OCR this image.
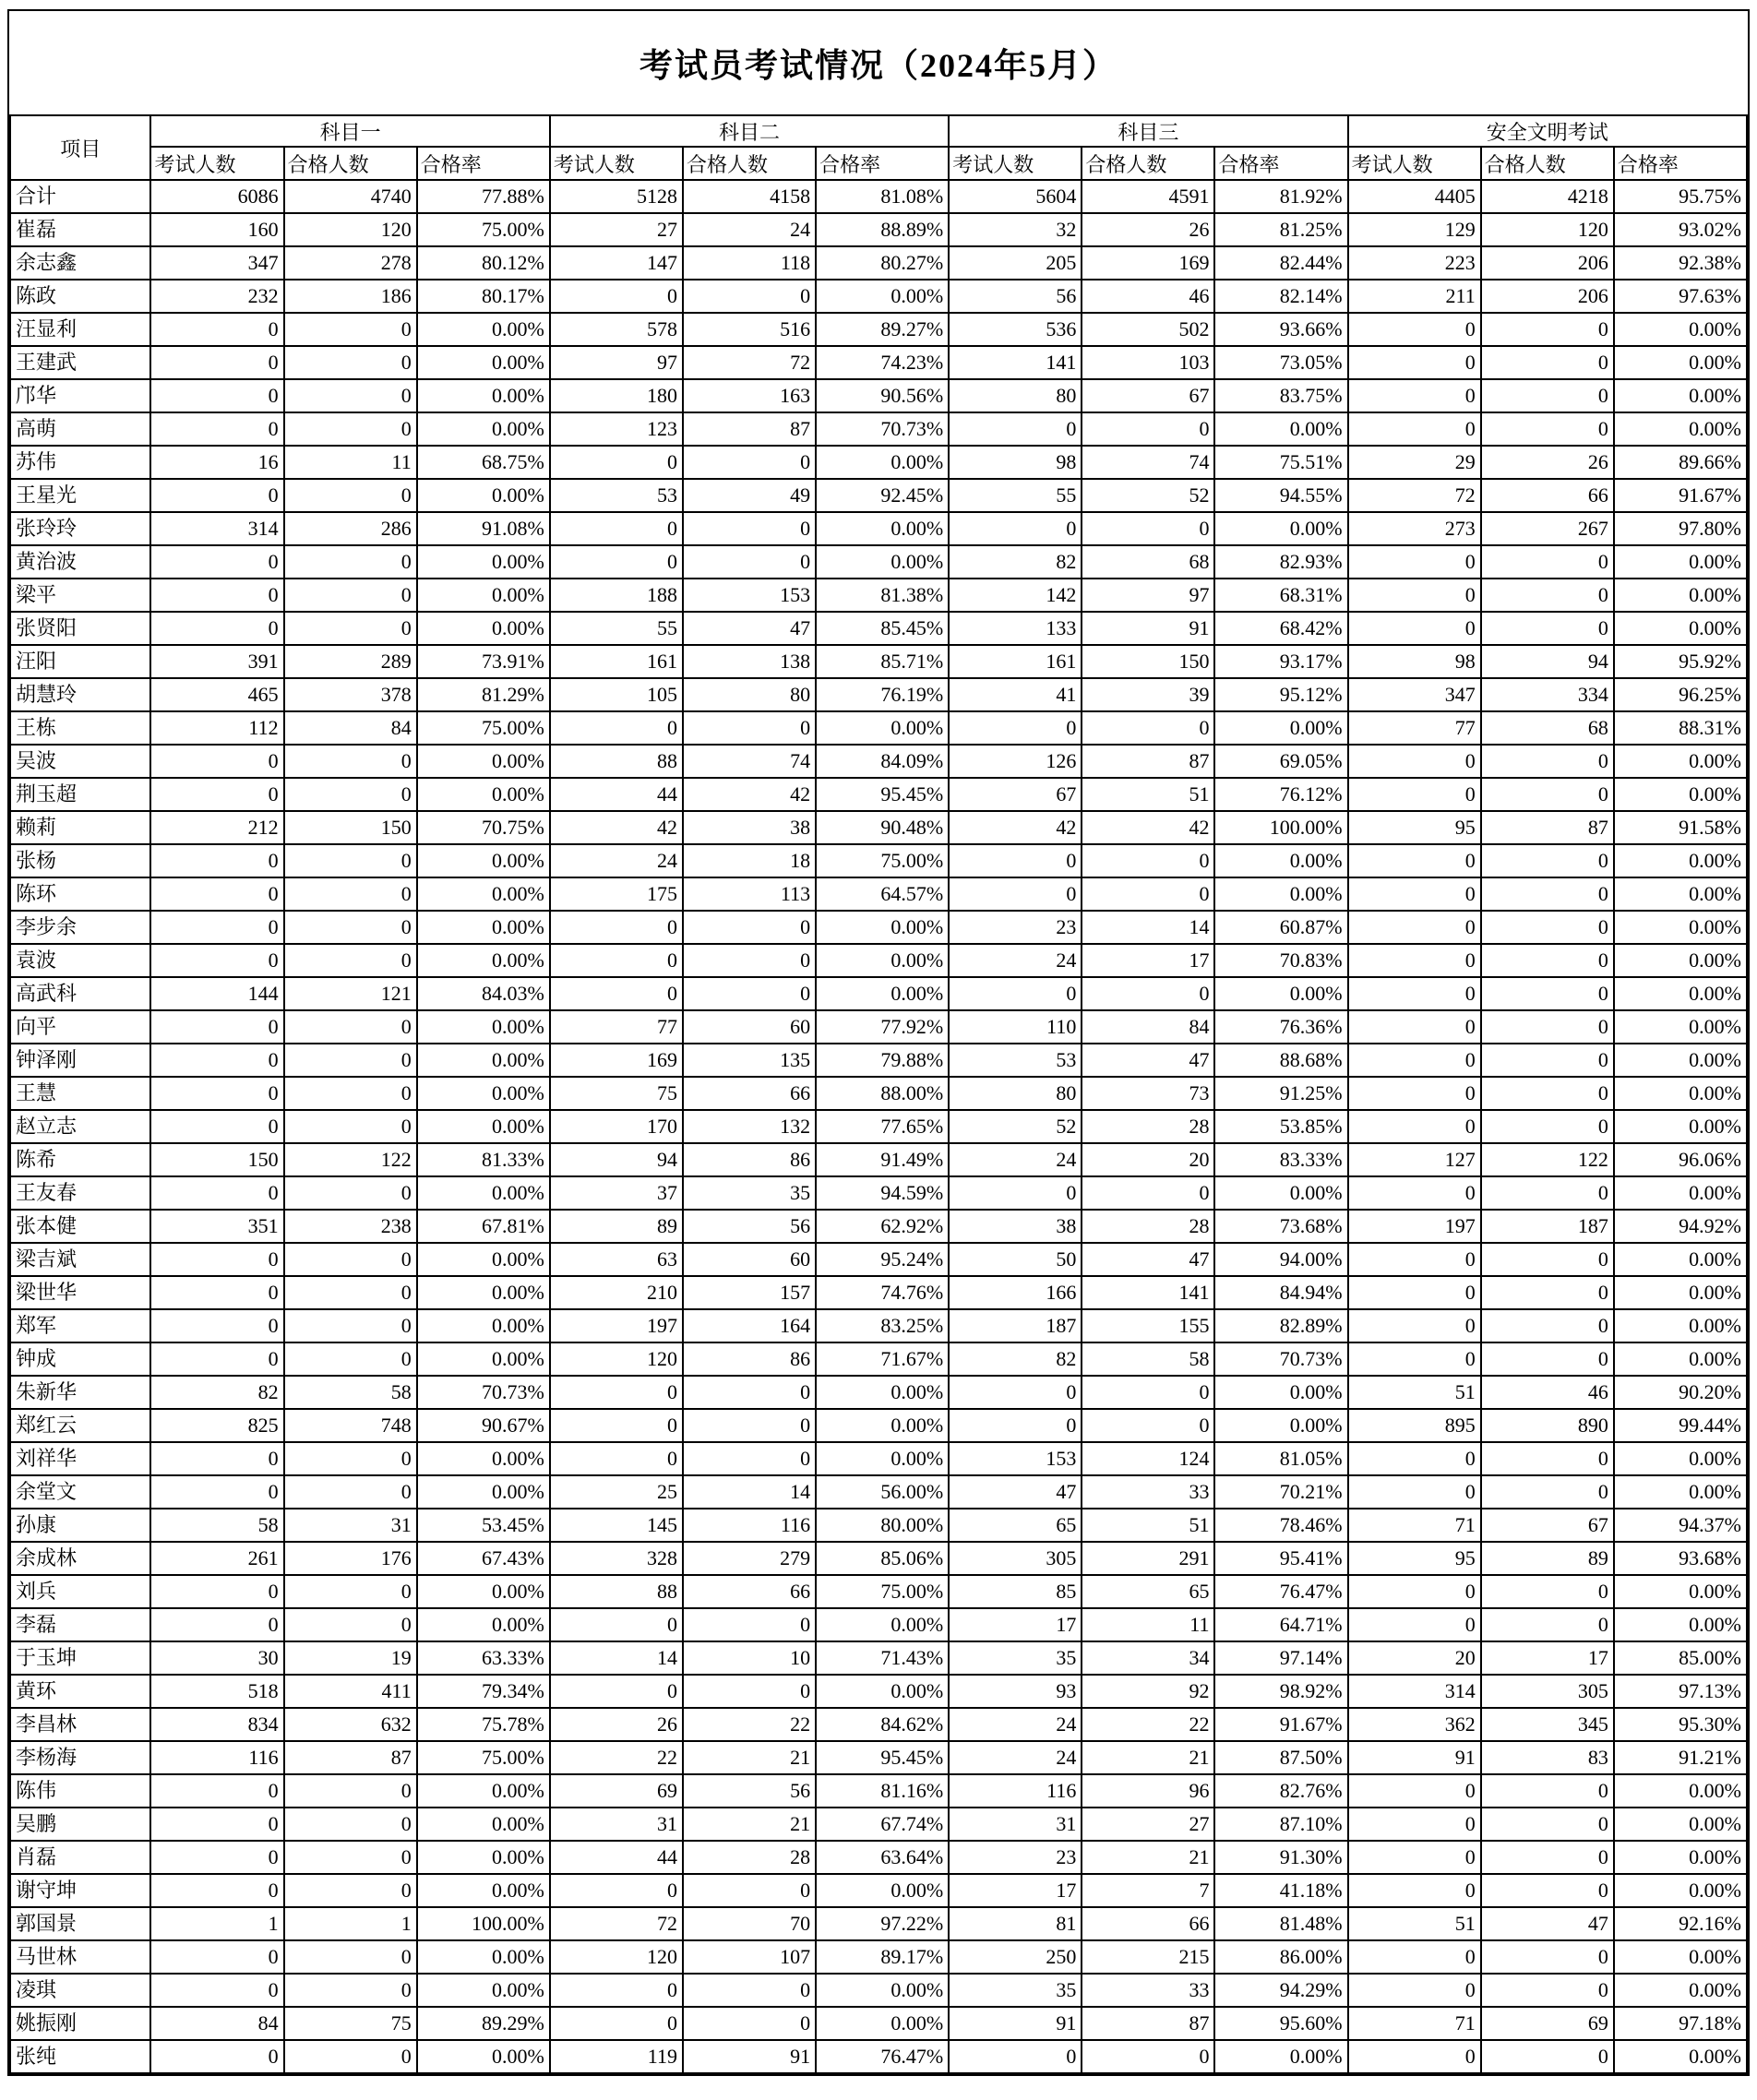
考试员考试情况（2024年5月）
项目	科目一			科目二			科目三			安全文明考试		
	考试人数	合格人数	合格率	考试人数	合格人数	合格率	考试人数	合格人数	合格率	考试人数	合格人数	合格率
合计	6086	4740	77.88%	5128	4158	81.08%	5604	4591	81.92%	4405	4218	95.75%
崔磊	160	120	75.00%	27	24	88.89%	32	26	81.25%	129	120	93.02%
余志鑫	347	278	80.12%	147	118	80.27%	205	169	82.44%	223	206	92.38%
陈政	232	186	80.17%	0	0	0.00%	56	46	82.14%	211	206	97.63%
汪显利	0	0	0.00%	578	516	89.27%	536	502	93.66%	0	0	0.00%
王建武	0	0	0.00%	97	72	74.23%	141	103	73.05%	0	0	0.00%
邝华	0	0	0.00%	180	163	90.56%	80	67	83.75%	0	0	0.00%
高萌	0	0	0.00%	123	87	70.73%	0	0	0.00%	0	0	0.00%
苏伟	16	11	68.75%	0	0	0.00%	98	74	75.51%	29	26	89.66%
王星光	0	0	0.00%	53	49	92.45%	55	52	94.55%	72	66	91.67%
张玲玲	314	286	91.08%	0	0	0.00%	0	0	0.00%	273	267	97.80%
黄治波	0	0	0.00%	0	0	0.00%	82	68	82.93%	0	0	0.00%
梁平	0	0	0.00%	188	153	81.38%	142	97	68.31%	0	0	0.00%
张贤阳	0	0	0.00%	55	47	85.45%	133	91	68.42%	0	0	0.00%
汪阳	391	289	73.91%	161	138	85.71%	161	150	93.17%	98	94	95.92%
胡慧玲	465	378	81.29%	105	80	76.19%	41	39	95.12%	347	334	96.25%
王栋	112	84	75.00%	0	0	0.00%	0	0	0.00%	77	68	88.31%
吴波	0	0	0.00%	88	74	84.09%	126	87	69.05%	0	0	0.00%
荆玉超	0	0	0.00%	44	42	95.45%	67	51	76.12%	0	0	0.00%
赖莉	212	150	70.75%	42	38	90.48%	42	42	100.00%	95	87	91.58%
张杨	0	0	0.00%	24	18	75.00%	0	0	0.00%	0	0	0.00%
陈环	0	0	0.00%	175	113	64.57%	0	0	0.00%	0	0	0.00%
李步余	0	0	0.00%	0	0	0.00%	23	14	60.87%	0	0	0.00%
袁波	0	0	0.00%	0	0	0.00%	24	17	70.83%	0	0	0.00%
高武科	144	121	84.03%	0	0	0.00%	0	0	0.00%	0	0	0.00%
向平	0	0	0.00%	77	60	77.92%	110	84	76.36%	0	0	0.00%
钟泽刚	0	0	0.00%	169	135	79.88%	53	47	88.68%	0	0	0.00%
王慧	0	0	0.00%	75	66	88.00%	80	73	91.25%	0	0	0.00%
赵立志	0	0	0.00%	170	132	77.65%	52	28	53.85%	0	0	0.00%
陈希	150	122	81.33%	94	86	91.49%	24	20	83.33%	127	122	96.06%
王友春	0	0	0.00%	37	35	94.59%	0	0	0.00%	0	0	0.00%
张本健	351	238	67.81%	89	56	62.92%	38	28	73.68%	197	187	94.92%
梁吉斌	0	0	0.00%	63	60	95.24%	50	47	94.00%	0	0	0.00%
梁世华	0	0	0.00%	210	157	74.76%	166	141	84.94%	0	0	0.00%
郑军	0	0	0.00%	197	164	83.25%	187	155	82.89%	0	0	0.00%
钟成	0	0	0.00%	120	86	71.67%	82	58	70.73%	0	0	0.00%
朱新华	82	58	70.73%	0	0	0.00%	0	0	0.00%	51	46	90.20%
郑红云	825	748	90.67%	0	0	0.00%	0	0	0.00%	895	890	99.44%
刘祥华	0	0	0.00%	0	0	0.00%	153	124	81.05%	0	0	0.00%
余堂文	0	0	0.00%	25	14	56.00%	47	33	70.21%	0	0	0.00%
孙康	58	31	53.45%	145	116	80.00%	65	51	78.46%	71	67	94.37%
余成林	261	176	67.43%	328	279	85.06%	305	291	95.41%	95	89	93.68%
刘兵	0	0	0.00%	88	66	75.00%	85	65	76.47%	0	0	0.00%
李磊	0	0	0.00%	0	0	0.00%	17	11	64.71%	0	0	0.00%
于玉坤	30	19	63.33%	14	10	71.43%	35	34	97.14%	20	17	85.00%
黄环	518	411	79.34%	0	0	0.00%	93	92	98.92%	314	305	97.13%
李昌林	834	632	75.78%	26	22	84.62%	24	22	91.67%	362	345	95.30%
李杨海	116	87	75.00%	22	21	95.45%	24	21	87.50%	91	83	91.21%
陈伟	0	0	0.00%	69	56	81.16%	116	96	82.76%	0	0	0.00%
吴鹏	0	0	0.00%	31	21	67.74%	31	27	87.10%	0	0	0.00%
肖磊	0	0	0.00%	44	28	63.64%	23	21	91.30%	0	0	0.00%
谢守坤	0	0	0.00%	0	0	0.00%	17	7	41.18%	0	0	0.00%
郭国景	1	1	100.00%	72	70	97.22%	81	66	81.48%	51	47	92.16%
马世林	0	0	0.00%	120	107	89.17%	250	215	86.00%	0	0	0.00%
凌琪	0	0	0.00%	0	0	0.00%	35	33	94.29%	0	0	0.00%
姚振刚	84	75	89.29%	0	0	0.00%	91	87	95.60%	71	69	97.18%
张纯	0	0	0.00%	119	91	76.47%	0	0	0.00%	0	0	0.00%
